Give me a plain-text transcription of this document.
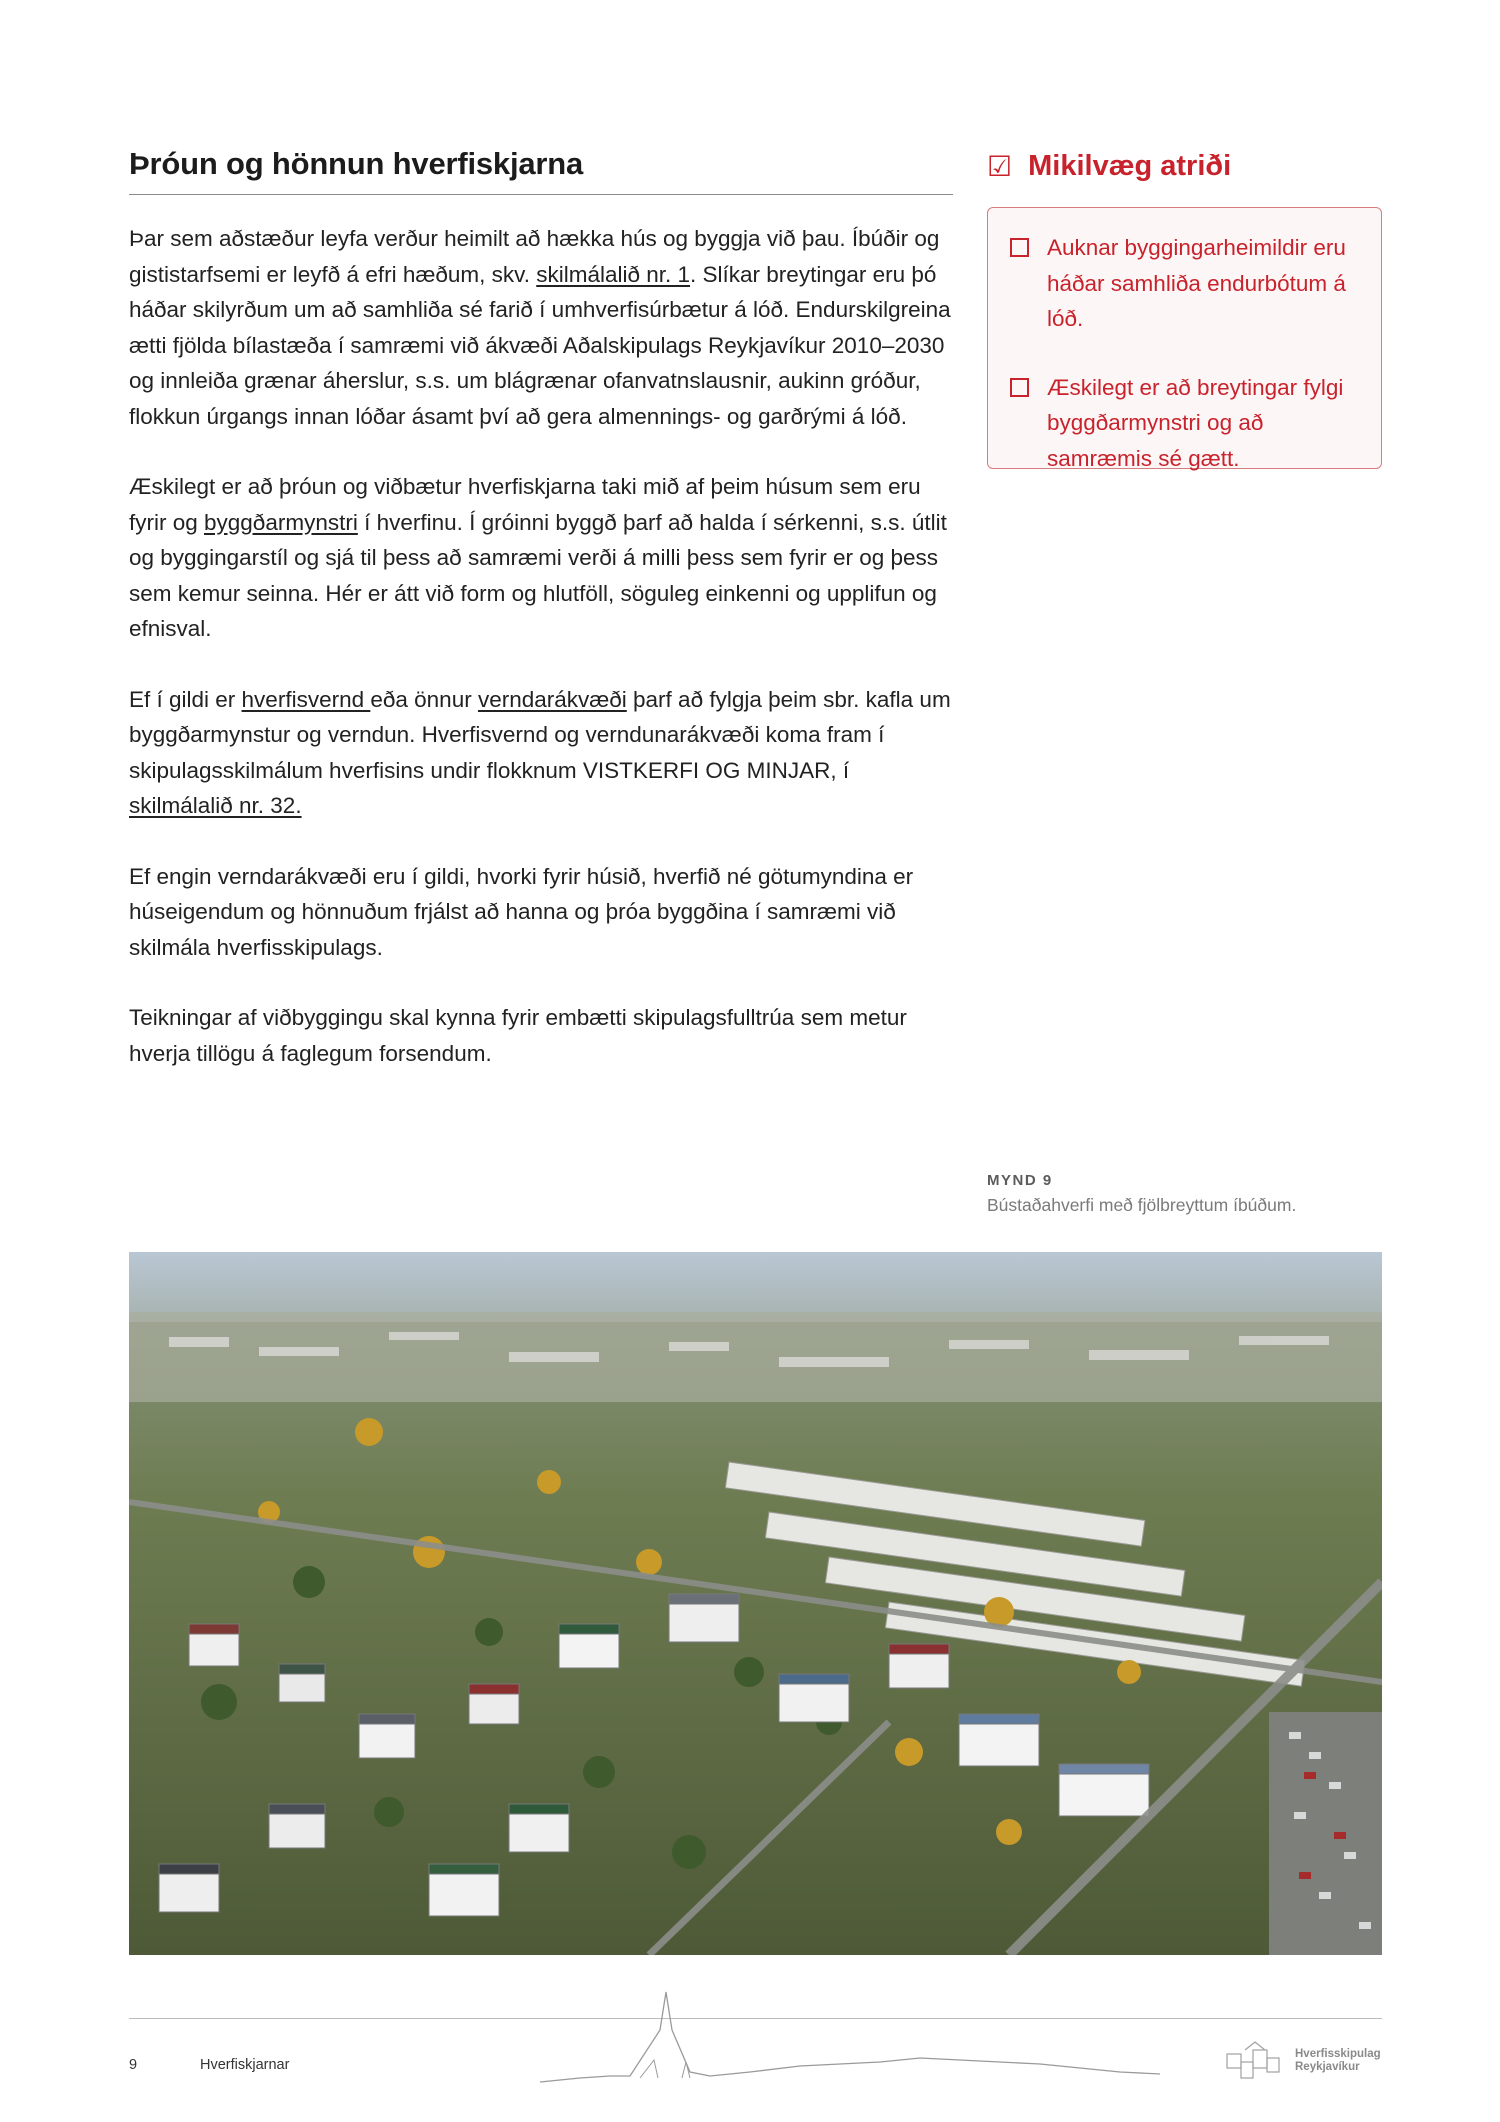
Þróun og hönnun hverfiskjarna

Þar sem aðstæður leyfa verður heimilt að hækka hús og byggja við þau. Íbúðir og gististarfsemi er leyfð á efri hæðum, skv. skilmálalið nr. 1. Slíkar breytingar eru þó háðar skilyrðum um að samhliða sé farið í umhverfisúrbætur á lóð. Endurskilgreina ætti fjölda bílastæða í samræmi við ákvæði Aðalskipulags Reykjavíkur 2010–2030 og innleiða grænar áherslur, s.s. um blágrænar ofanvatnslausnir, aukinn gróður, flokkun úrgangs innan lóðar ásamt því að gera almennings- og garðrými á lóð.

Æskilegt er að þróun og viðbætur hverfiskjarna taki mið af þeim húsum sem eru fyrir og byggðarmynstri í hverfinu. Í gróinni byggð þarf að halda í sérkenni, s.s. útlit og byggingarstíl og sjá til þess að samræmi verði á milli þess sem fyrir er og þess sem kemur seinna. Hér er átt við form og hlutföll, söguleg einkenni og upplifun og efnisval.

Ef í gildi er hverfisvernd eða önnur verndarákvæði þarf að fylgja þeim sbr. kafla um byggðarmynstur og verndun. Hverfisvernd og verndunarákvæði koma fram í skipulagsskilmálum hverfisins undir flokknum VISTKERFI OG MINJAR, í skilmálalið nr. 32.

Ef engin verndarákvæði eru í gildi, hvorki fyrir húsið, hverfið né götumyndina er húseigendum og hönnuðum frjálst að hanna og þróa byggðina í samræmi við skilmála hverfisskipulags.

Teikningar af viðbyggingu skal kynna fyrir embætti skipulagsfulltrúa sem metur hverja tillögu á faglegum forsendum.

☑ Mikilvæg atriði
Auknar byggingarheimildir eru háðar samhliða endurbótum á lóð.
Æskilegt er að breytingar fylgi byggðarmynstri og að samræmis sé gætt.
MYND 9
Bústaðahverfi með fjölbreyttum íbúðum.
9	Hverfiskjarnar
Hverfisskipulag
Reykjavíkur
